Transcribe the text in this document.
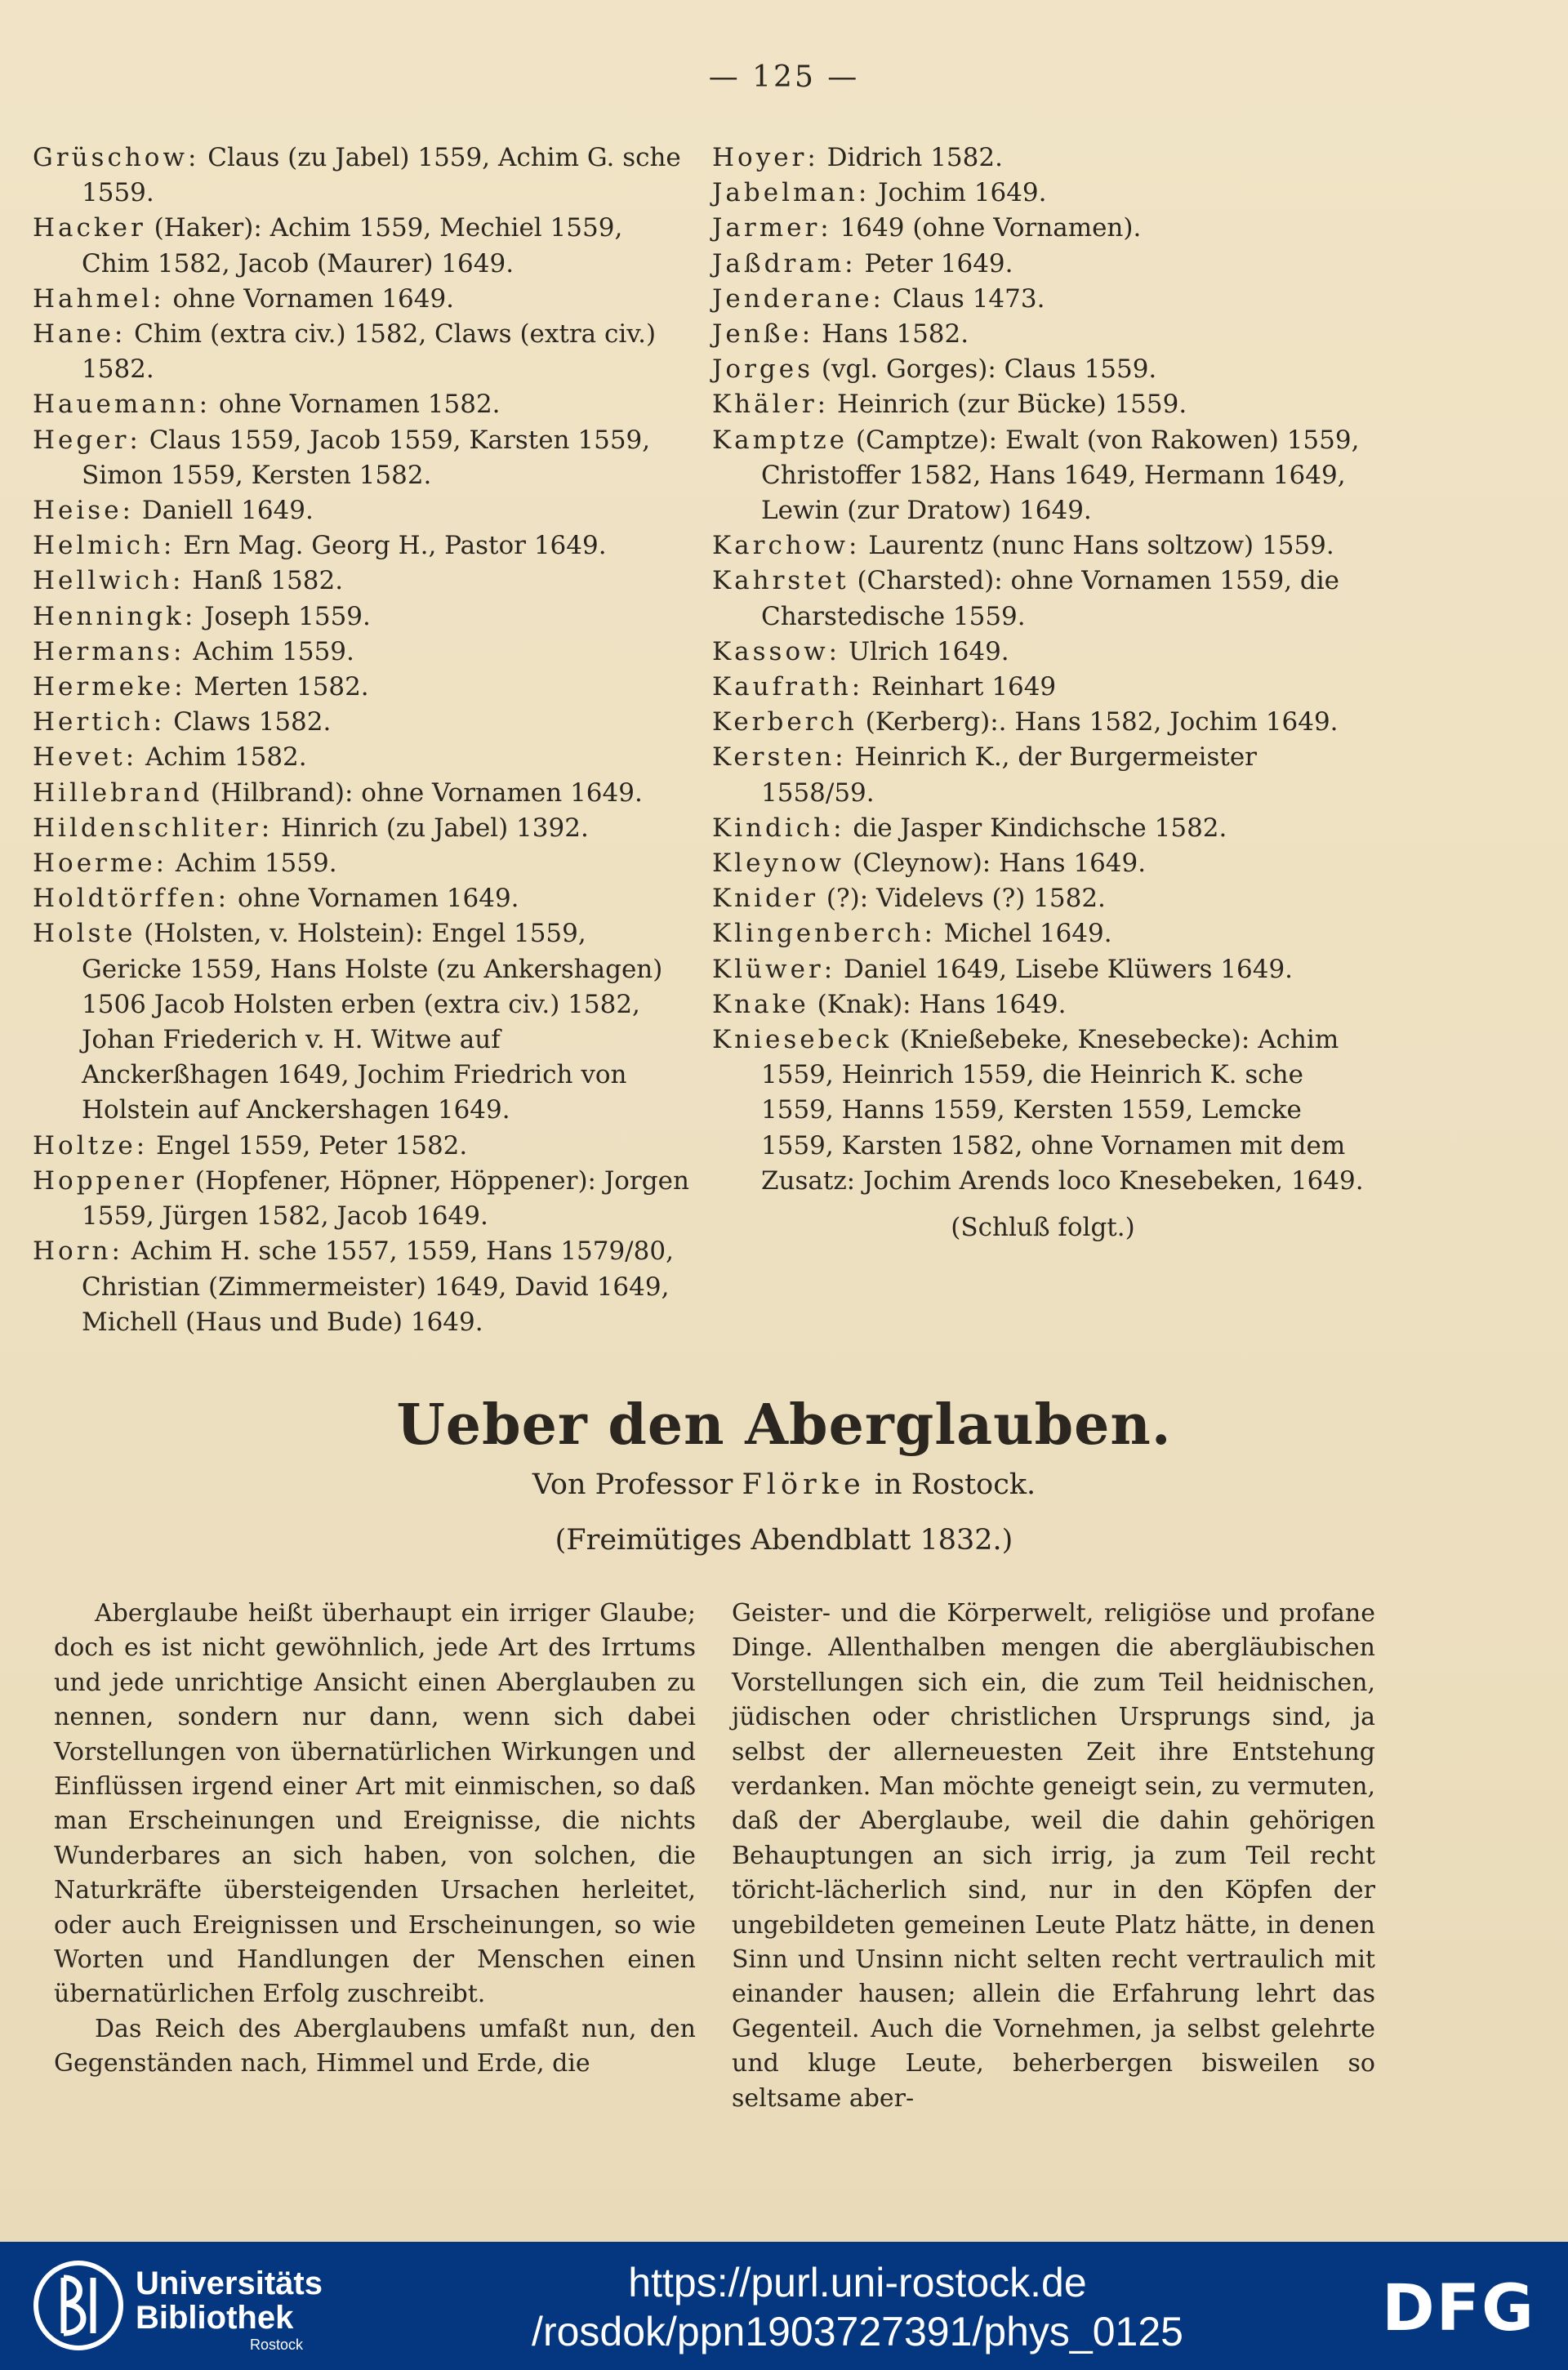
— 125 —
Grüschow: Claus (zu Jabel) 1559, Achim G. sche 1559.
Hacker (Haker): Achim 1559, Mechiel 1559, Chim 1582, Jacob (Maurer) 1649.
Hahmel: ohne Vornamen 1649.
Hane: Chim (extra civ.) 1582, Claws (extra civ.) 1582.
Hauemann: ohne Vornamen 1582.
Heger: Claus 1559, Jacob 1559, Karsten 1559, Simon 1559, Kersten 1582.
Heise: Daniell 1649.
Helmich: Ern Mag. Georg H., Pastor 1649.
Hellwich: Hanß 1582.
Henningk: Joseph 1559.
Hermans: Achim 1559.
Hermeke: Merten 1582.
Hertich: Claws 1582.
Hevet: Achim 1582.
Hillebrand (Hilbrand): ohne Vornamen 1649.
Hildenschliter: Hinrich (zu Jabel) 1392.
Hoerme: Achim 1559.
Holdtörffen: ohne Vornamen 1649.
Holste (Holsten, v. Holstein): Engel 1559, Gericke 1559, Hans Holste (zu Ankershagen) 1506 Jacob Holsten erben (extra civ.) 1582, Johan Friederich v. H. Witwe auf Anckerßhagen 1649, Jochim Friedrich von Holstein auf Anckershagen 1649.
Holtze: Engel 1559, Peter 1582.
Hoppener (Hopfener, Höpner, Höppener): Jorgen 1559, Jürgen 1582, Jacob 1649.
Horn: Achim H. sche 1557, 1559, Hans 1579/80, Christian (Zimmermeister) 1649, David 1649, Michell (Haus und Bude) 1649.
Hoyer: Didrich 1582.
Jabelman: Jochim 1649.
Jarmer: 1649 (ohne Vornamen).
Jaßdram: Peter 1649.
Jenderane: Claus 1473.
Jenße: Hans 1582.
Jorges (vgl. Gorges): Claus 1559.
Khäler: Heinrich (zur Bücke) 1559.
Kamptze (Camptze): Ewalt (von Rakowen) 1559, Christoffer 1582, Hans 1649, Hermann 1649, Lewin (zur Dratow) 1649.
Karchow: Laurentz (nunc Hans soltzow) 1559.
Kahrstet (Charsted): ohne Vornamen 1559, die Charstedische 1559.
Kassow: Ulrich 1649.
Kaufrath: Reinhart 1649
Kerberch (Kerberg):. Hans 1582, Jochim 1649.
Kersten: Heinrich K., der Burgermeister 1558/59.
Kindich: die Jasper Kindichsche 1582.
Kleynow (Cleynow): Hans 1649.
Knider (?): Videlevs (?) 1582.
Klingenberch: Michel 1649.
Klüwer: Daniel 1649, Lisebe Klüwers 1649.
Knake (Knak): Hans 1649.
Kniesebeck (Knießebeke, Knesebecke): Achim 1559, Heinrich 1559, die Heinrich K. sche 1559, Hanns 1559, Kersten 1559, Lemcke 1559, Karsten 1582, ohne Vornamen mit dem Zusatz: Jochim Arends loco Knesebeken, 1649.
(Schluß folgt.)
Ueber den Aberglauben.
Von Professor Flörke in Rostock.
(Freimütiges Abendblatt 1832.)

Aberglaube heißt überhaupt ein irriger Glaube; doch es ist nicht gewöhnlich, jede Art des Irrtums und jede unrichtige Ansicht einen Aberglauben zu nennen, sondern nur dann, wenn sich dabei Vorstellungen von übernatürlichen Wirkungen und Einflüssen irgend einer Art mit einmischen, so daß man Erscheinungen und Ereignisse, die nichts Wunderbares an sich haben, von solchen, die Naturkräfte übersteigenden Ursachen herleitet, oder auch Ereignissen und Erscheinungen, so wie Worten und Handlungen der Menschen einen übernatürlichen Erfolg zuschreibt.

Das Reich des Aberglaubens umfaßt nun, den Gegenständen nach, Himmel und Erde, die

Geister- und die Körperwelt, religiöse und profane Dinge. Allenthalben mengen die abergläubischen Vorstellungen sich ein, die zum Teil heidnischen, jüdischen oder christlichen Ursprungs sind, ja selbst der allerneuesten Zeit ihre Entstehung verdanken. Man möchte geneigt sein, zu vermuten, daß der Aberglaube, weil die dahin gehörigen Behauptungen an sich irrig, ja zum Teil recht töricht-lächerlich sind, nur in den Köpfen der ungebildeten gemeinen Leute Platz hätte, in denen Sinn und Unsinn nicht selten recht vertraulich mit einander hausen; allein die Erfahrung lehrt das Gegenteil. Auch die Vornehmen, ja selbst gelehrte und kluge Leute, beherbergen bisweilen so seltsame aber-

Universitäts
Bibliothek
Rostock
https://purl.uni-rostock.de
/rosdok/ppn1903727391/phys_0125	DFG
